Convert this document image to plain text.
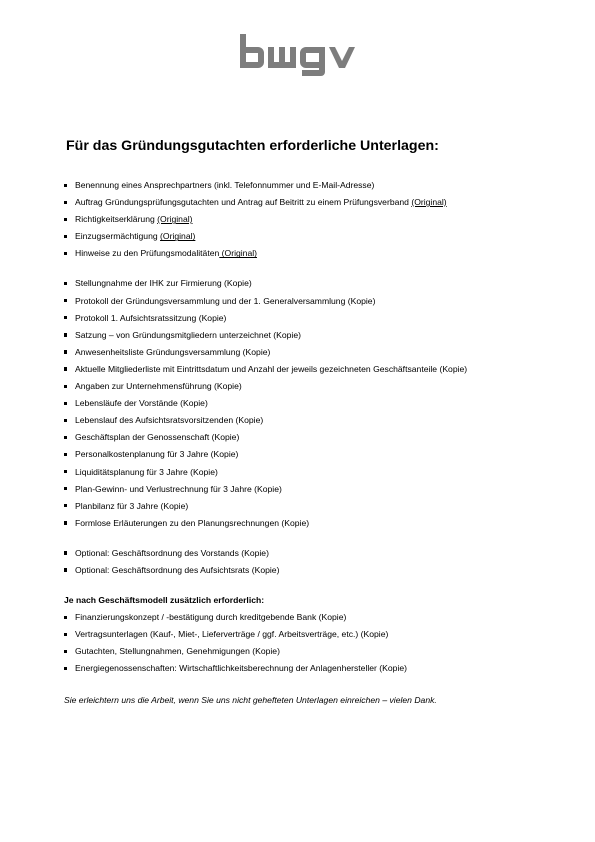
Für das Gründungsgutachten erforderliche Unterlagen:
Benennung eines Ansprechpartners (inkl. Telefonnummer und E-Mail-Adresse)
Auftrag Gründungsprüfungsgutachten und Antrag auf Beitritt zu einem Prüfungsverband (Original)
Richtigkeitserklärung (Original)
Einzugsermächtigung (Original)
Hinweise zu den Prüfungsmodalitäten (Original)
Stellungnahme der IHK zur Firmierung (Kopie)
Protokoll der Gründungsversammlung und der 1. Generalversammlung (Kopie)
Protokoll 1. Aufsichtsratssitzung (Kopie)
Satzung – von Gründungsmitgliedern unterzeichnet (Kopie)
Anwesenheitsliste Gründungsversammlung (Kopie)
Aktuelle Mitgliederliste mit Eintrittsdatum und Anzahl der jeweils gezeichneten Geschäftsanteile (Kopie)
Angaben zur Unternehmensführung (Kopie)
Lebensläufe der Vorstände (Kopie)
Lebenslauf des Aufsichtsratsvorsitzenden (Kopie)
Geschäftsplan der Genossenschaft (Kopie)
Personalkostenplanung für 3 Jahre (Kopie)
Liquiditätsplanung für 3 Jahre (Kopie)
Plan-Gewinn- und Verlustrechnung für 3 Jahre (Kopie)
Planbilanz für 3 Jahre (Kopie)
Formlose Erläuterungen zu den Planungsrechnungen (Kopie)
Optional: Geschäftsordnung des Vorstands (Kopie)
Optional: Geschäftsordnung des Aufsichtsrats (Kopie)

Je nach Geschäftsmodell zusätzlich erforderlich:

Finanzierungskonzept / -bestätigung durch kreditgebende Bank (Kopie)
Vertragsunterlagen (Kauf-, Miet-, Lieferverträge / ggf. Arbeitsverträge, etc.) (Kopie)
Gutachten, Stellungnahmen, Genehmigungen (Kopie)
Energiegenossenschaften: Wirtschaftlichkeitsberechnung der Anlagenhersteller (Kopie)

Sie erleichtern uns die Arbeit, wenn Sie uns nicht gehefteten Unterlagen einreichen – vielen Dank.
